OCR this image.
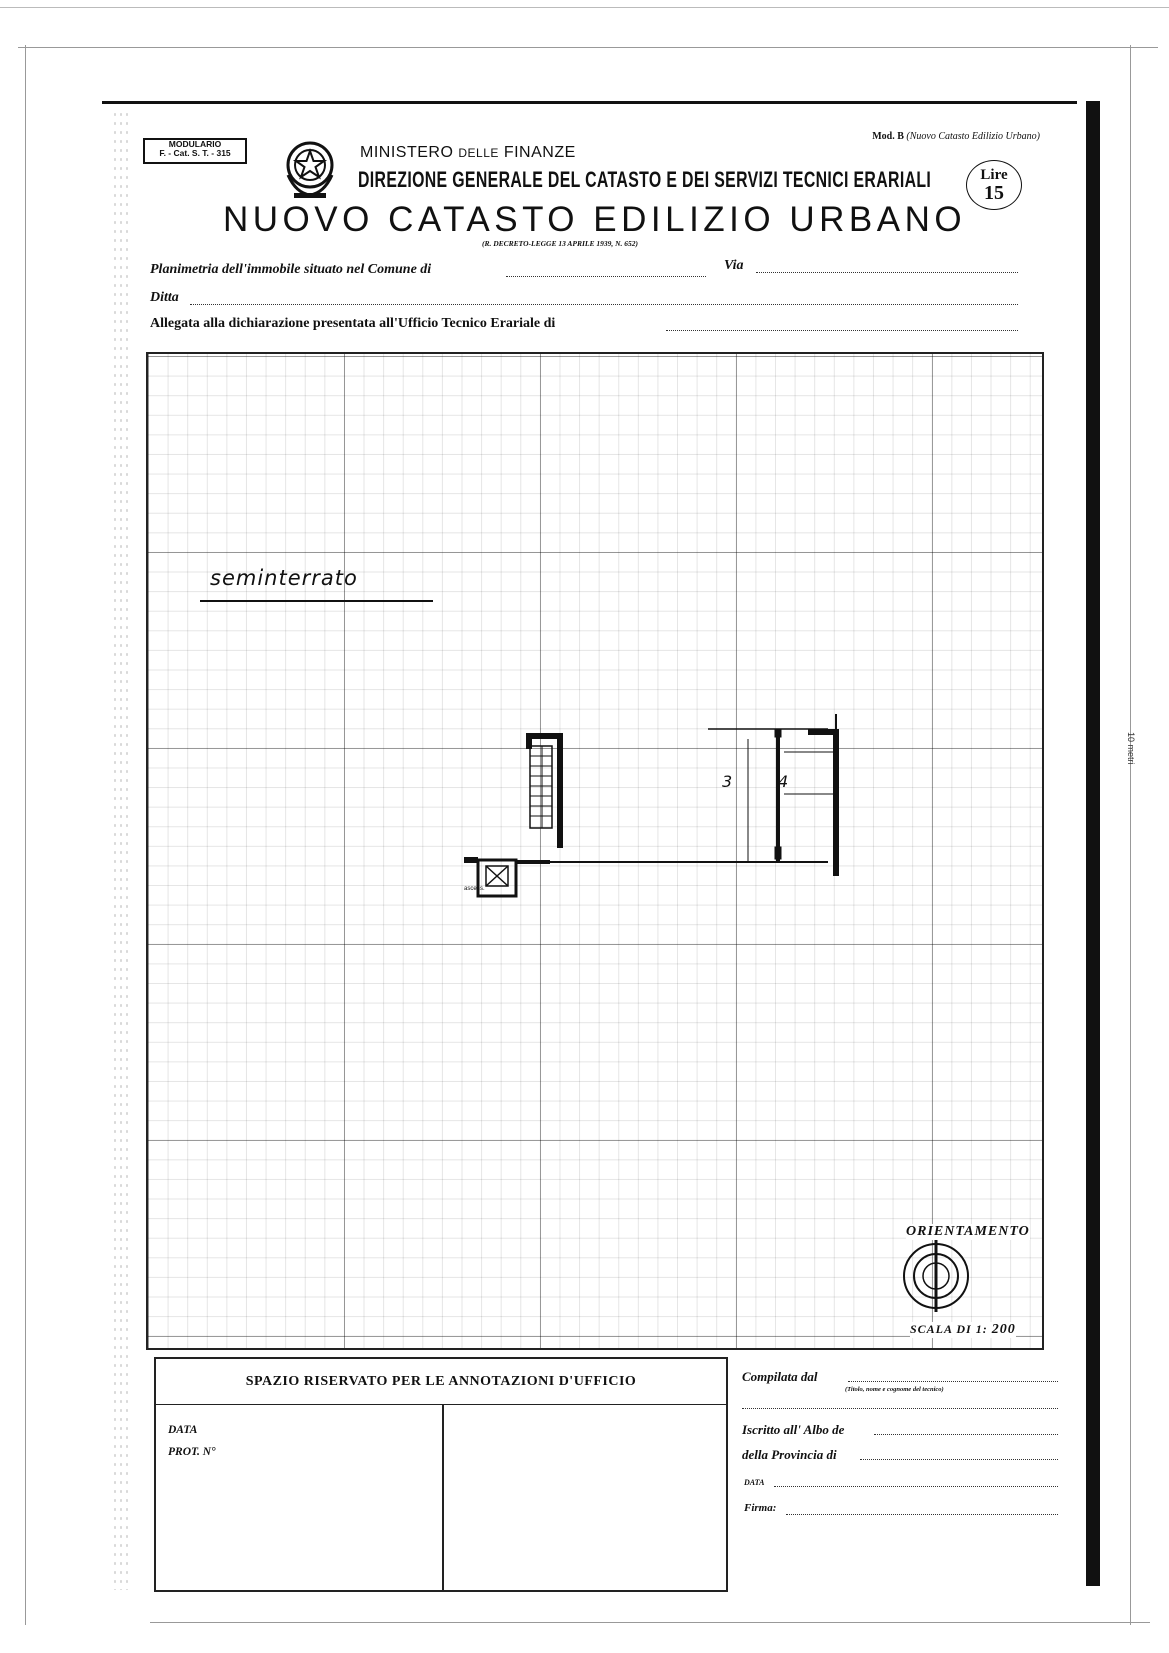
MODULARIO
F. - Cat. S. T. - 315
Mod. B (Nuovo Catasto Edilizio Urbano)
MINISTERO DELLE FINANZE
DIREZIONE GENERALE DEL CATASTO E DEI SERVIZI TECNICI ERARIALI	Lire
15
NUOVO CATASTO EDILIZIO URBANO
(R. DECRETO-LEGGE 13 APRILE 1939, N. 652)
Planimetria dell'immobile situato nel Comune di	Via
Ditta
Allegata alla dichiarazione presentata all'Ufficio Tecnico Erariale di
seminterrato
3	4
ascens.
ORIENTAMENTO
SCALA DI 1: 200
SPAZIO RISERVATO PER LE ANNOTAZIONI D'UFFICIO
DATA
PROT. N°
Compilata dal
(Titolo, nome e cognome del tecnico)
Iscritto all' Albo de
della Provincia di
DATA
Firma:
10 metri
